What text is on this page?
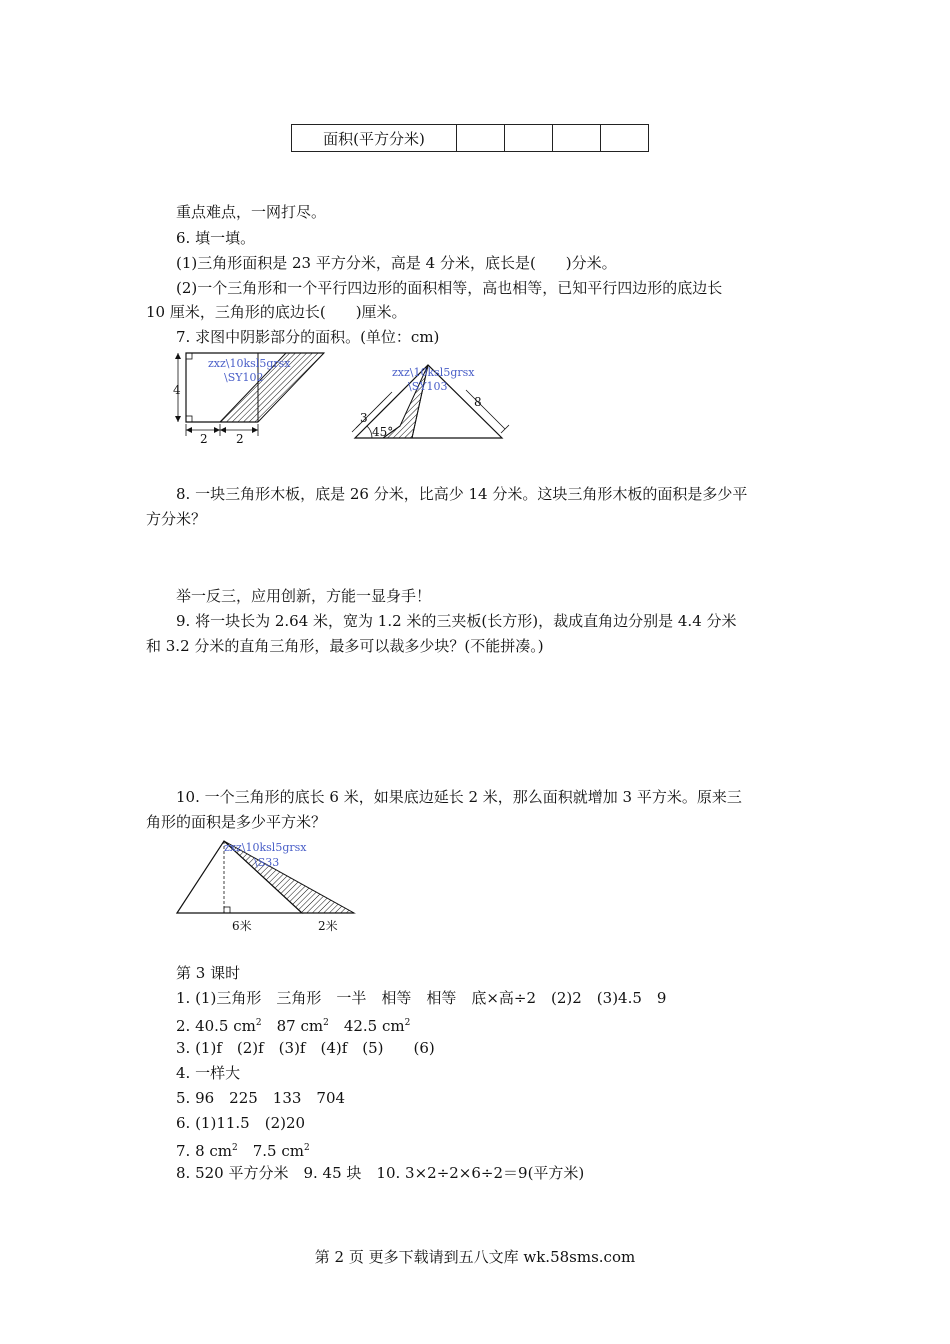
面积(平方分米)				
重点难点，一网打尽。
6. 填一填。
(1)三角形面积是 23 平方分米，高是 4 分米，底长是(　　)分米。
(2)一个三角形和一个平行四边形的面积相等，高也相等，已知平行四边形的底边长
10 厘米，三角形的底边长(　　)厘米。
7. 求图中阴影部分的面积。(单位：cm)
4
2 2
zxz\10ksl5grsx
\SY102
3
45°
8
zxz\10ksl5grsx
\SY103
8. 一块三角形木板，底是 26 分米，比高少 14 分米。这块三角形木板的面积是多少平
方分米？
举一反三，应用创新，方能一显身手！
9. 将一块长为 2.64 米，宽为 1.2 米的三夹板(长方形)，裁成直角边分别是 4.4 分米
和 3.2 分米的直角三角形，最多可以裁多少块？(不能拼凑。)
10. 一个三角形的底长 6 米，如果底边延长 2 米，那么面积就增加 3 平方米。原来三
角形的面积是多少平方米？
6米	2米
zxz\10ksl5grsx
\S33
第 3 课时
1. (1)三角形　三角形　一半　相等　相等　底×高÷2　(2)2　(3)4.5　9
2. 40.5 $cm^2$　87 $cm^2$　42.5 $cm^2$
3. (1)f　(2)f　(3)f　(4)f　(5)　　(6)
4. 一样大
5. 96　225　133　704
6. (1)11.5　(2)20
7. 8 $cm^2$　7.5 $cm^2$
8. 520 平方分米　9. 45 块　10. 3×2÷2×6÷2＝9(平方米)
第 2 页 更多下载请到五八文库 wk.58sms.com
